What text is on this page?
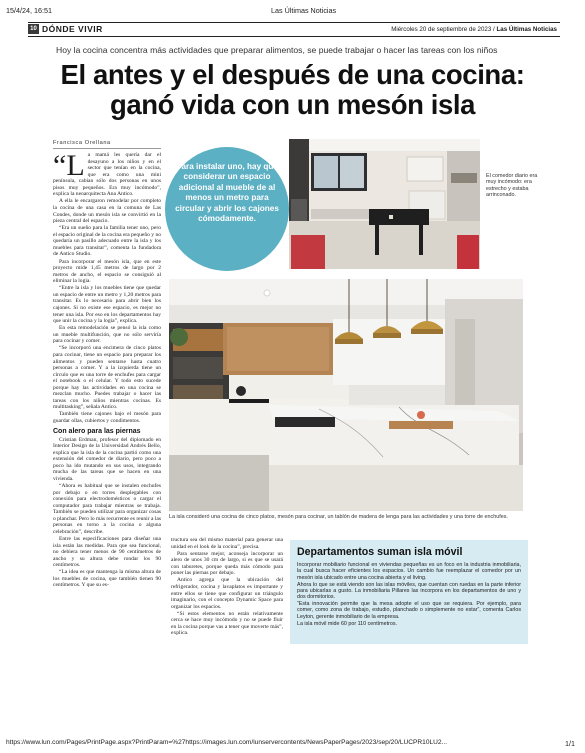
15/4/24, 16:51	Las Últimas Noticias
10 DÓNDE VIVIR	Miércoles 20 de septiembre de 2023 / Las Últimas Noticias
Hoy la cocina concentra más actividades que preparar alimentos, se puede trabajar o hacer las tareas con los niños
El antes y el después de una cocina:
ganó vida con un mesón isla
Francisca Orellana

“La mamá les quería dar el desayuno a los niños y en el sector que tenían en la cocina, que era como una mini península, cabían sólo dos personas en unos pisos muy pequeños. Era muy incómodo”, explica la neoarquitecta Ana Antico.

A ella le encargaron remodelar por completo la cocina de una casa en la comuna de Las Condes, donde un mesón isla se convirtió en la pieza central del espacio.

“Era un sueño para la familia tener uno, pero el espacio original de la cocina era pequeño y no quedaría un pasillo adecuado entre la isla y los muebles para transitar”, comenta la fundadora de Antico Studio.

Para incorporar el mesón isla, que en este proyecto mide 1,45 metros de largo por 2 metros de ancho, el espacio se consiguió al eliminar la logia.

“Entre la isla y los muebles tiene que quedar un espacio de entre un metro y 1,20 metros para transitar. Es lo necesario para abrir bien los cajones. Si no existe ese espacio, es mejor no tener una isla. Por eso en los departamentos hay que unir la cocina y la logia”, explica.

En esta remodelación se pensó la isla como un mueble multifunción, que no sólo serviría para cocinar y comer.

“Se incorporó una encimera de cinco platos para cocinar, tiene un espacio para preparar los alimentos y pueden sentarse hasta cuatro personas a comer. Y a la izquierda tiene un círculo que es una torre de enchufes para cargar el notebook o el celular. Y todo esto sucede porque hay las actividades en una cocina se mezclan mucho. Puedes trabajar o hacer las tareas con los niños mientras cocinas. Es multitasking”, señala Antico.

También tiene cajones bajo el mesón para guardar ollas, cubiertos y condimentos.

Con alero para las piernas

Cristian Erdman, profesor del diplomado en Interior Design de la Universidad Andrés Bello, explica que la isla de la cocina partió como una extensión del comedor de diario, pero poco a poco ha ido mutando en sus usos, integrando mucha de las tareas que se hacen en una vivienda.

“Ahora es habitual que se instalen enchufes por debajo o en torres desplegables con conexión para electrodomésticos o cargar el computador para trabajar mientras se trabaja. También se pueden utilizar para organizar cosas o planchar. Pero lo más recurrente es reunir a las personas en torno a la cocina o alguna celebración”, describe.

Entre las especificaciones para diseñar una isla están las medidas. Para que sea funcional, no debiera tener menos de 90 centímetros de ancho y su altura debe rondar los 90 centímetros.

“La idea es que mantenga la misma altura de los muebles de cocina, que también tienen 90 centímetros. Y que su es-

tructura sea del mismo material para generar una unidad en el look de la cocina”, precisa.

Para sentarse mejor, aconseja incorporar un alero de unos 30 cm de largo, si es que se usará con taburetes, porque queda más cómodo para poner las piernas por debajo.

Antico agrega que la ubicación del refrigerador, cocina y lavaplatos es importante y entre ellos se tiene que configurar un triángulo imaginario, con el concepto Dynamic Space para organizar los espacios.

“Si estos elementos no están relativamente cerca se hace muy incómodo y no se puede fluir en la cocina porque vas a tener que moverte más”, explica.

Para instalar uno, hay que considerar un espacio adicional al mueble de al menos un metro para circular y abrir los cajones cómodamente.
El comedor diario era muy incómodo: era estrecho y estaba arrinconado.
La isla consideró una cocina de cinco platos, mesón para cocinar, un tablón de madera de lenga para las actividades y una torre de enchufes.
Departamentos suman isla móvil

Incorporar mobiliario funcional en viviendas pequeñas es un foco en la industria inmobiliaria, la cual busca hacer eficientes los espacios. Un cambio fue reemplazar el comedor por un mesón isla ubicado entre una cocina abierta y el living.

Ahora lo que se está viendo son las islas móviles, que cuentan con ruedas en la parte inferior para ubicarlas a gusto. La inmobiliaria Pillares las incorpora en los departamentos de uno y dos dormitorios.

“Esta innovación permite que la mesa adopte el uso que se requiera. Por ejemplo, para comer, como zona de trabajo, estudio, planchado o simplemente no estar”, comenta Carlos Leyton, gerente inmobiliario de la empresa.

La isla móvil mide 60 por 110 centímetros.

https://www.lun.com/Pages/PrintPage.aspx?PrintParam=%27https://images.lun.com/lunservercontents/NewsPaperPages/2023/sep/20/LUCPR10LU2...	1/1
